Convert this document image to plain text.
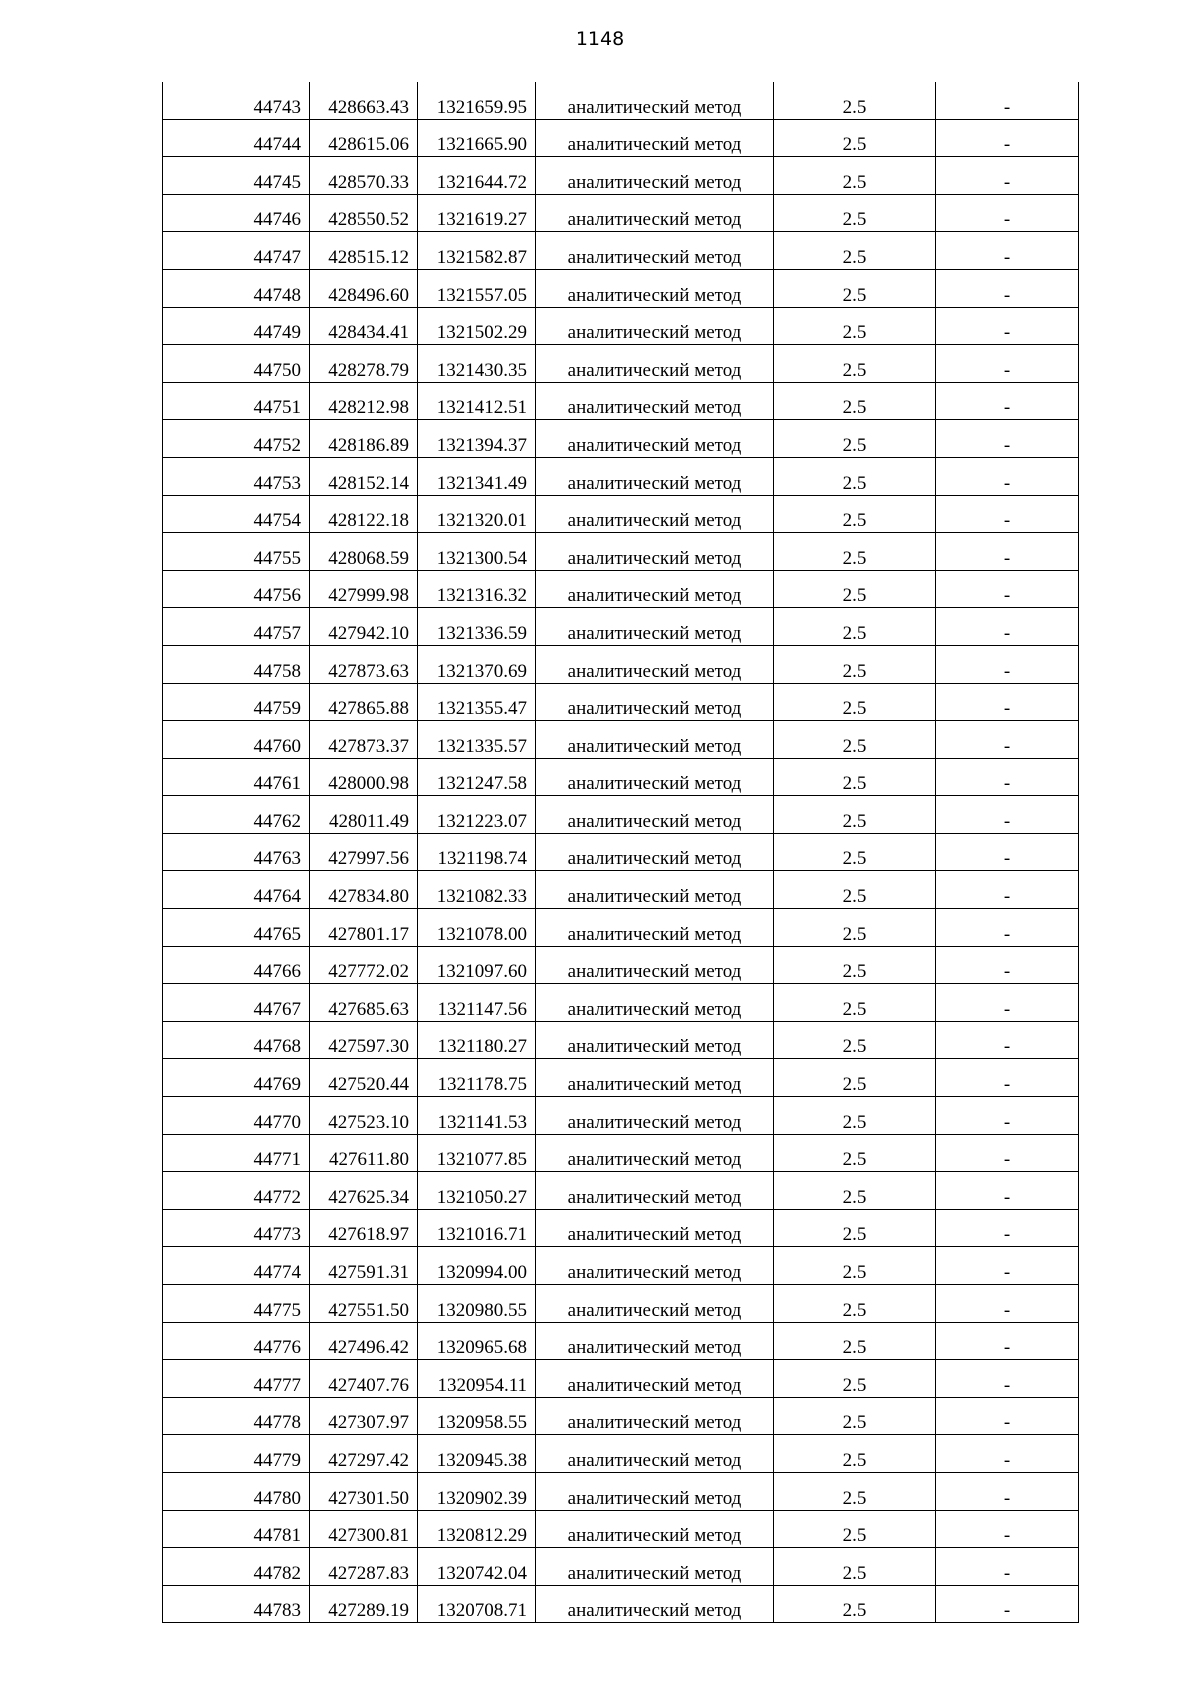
1148
44743	428663.43	1321659.95	аналитический метод	2.5	-
44744	428615.06	1321665.90	аналитический метод	2.5	-
44745	428570.33	1321644.72	аналитический метод	2.5	-
44746	428550.52	1321619.27	аналитический метод	2.5	-
44747	428515.12	1321582.87	аналитический метод	2.5	-
44748	428496.60	1321557.05	аналитический метод	2.5	-
44749	428434.41	1321502.29	аналитический метод	2.5	-
44750	428278.79	1321430.35	аналитический метод	2.5	-
44751	428212.98	1321412.51	аналитический метод	2.5	-
44752	428186.89	1321394.37	аналитический метод	2.5	-
44753	428152.14	1321341.49	аналитический метод	2.5	-
44754	428122.18	1321320.01	аналитический метод	2.5	-
44755	428068.59	1321300.54	аналитический метод	2.5	-
44756	427999.98	1321316.32	аналитический метод	2.5	-
44757	427942.10	1321336.59	аналитический метод	2.5	-
44758	427873.63	1321370.69	аналитический метод	2.5	-
44759	427865.88	1321355.47	аналитический метод	2.5	-
44760	427873.37	1321335.57	аналитический метод	2.5	-
44761	428000.98	1321247.58	аналитический метод	2.5	-
44762	428011.49	1321223.07	аналитический метод	2.5	-
44763	427997.56	1321198.74	аналитический метод	2.5	-
44764	427834.80	1321082.33	аналитический метод	2.5	-
44765	427801.17	1321078.00	аналитический метод	2.5	-
44766	427772.02	1321097.60	аналитический метод	2.5	-
44767	427685.63	1321147.56	аналитический метод	2.5	-
44768	427597.30	1321180.27	аналитический метод	2.5	-
44769	427520.44	1321178.75	аналитический метод	2.5	-
44770	427523.10	1321141.53	аналитический метод	2.5	-
44771	427611.80	1321077.85	аналитический метод	2.5	-
44772	427625.34	1321050.27	аналитический метод	2.5	-
44773	427618.97	1321016.71	аналитический метод	2.5	-
44774	427591.31	1320994.00	аналитический метод	2.5	-
44775	427551.50	1320980.55	аналитический метод	2.5	-
44776	427496.42	1320965.68	аналитический метод	2.5	-
44777	427407.76	1320954.11	аналитический метод	2.5	-
44778	427307.97	1320958.55	аналитический метод	2.5	-
44779	427297.42	1320945.38	аналитический метод	2.5	-
44780	427301.50	1320902.39	аналитический метод	2.5	-
44781	427300.81	1320812.29	аналитический метод	2.5	-
44782	427287.83	1320742.04	аналитический метод	2.5	-
44783	427289.19	1320708.71	аналитический метод	2.5	-
